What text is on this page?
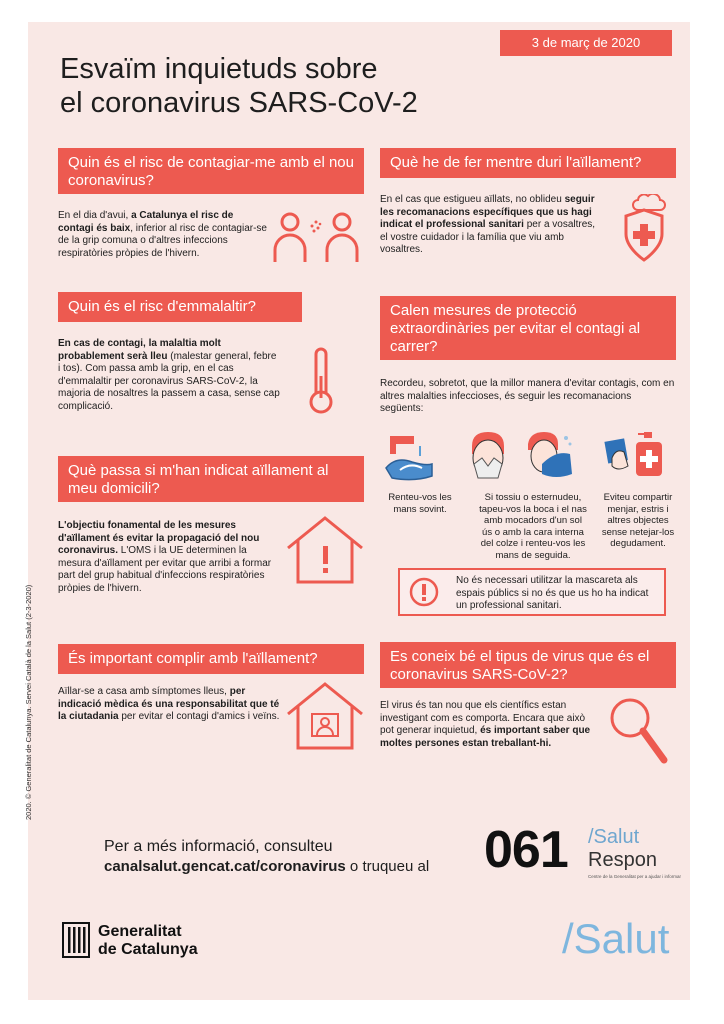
3 de març de 2020
Esvaïm inquietuds sobre
el coronavirus SARS-CoV-2
2020. © Generalitat de Catalunya. Servei Català de la Salut (2-3-2020)
Quin és el risc de contagiar-me amb el nou coronavirus?
En el dia d'avui, a Catalunya el risc de contagi és baix, inferior al risc de contagiar-se de la grip comuna o d'altres infeccions respiratòries pròpies de l'hivern.
Quin és el risc d'emmalaltir?
En cas de contagi, la malaltia molt probablement serà lleu (malestar general, febre i tos). Com passa amb la grip, en el cas d'emmalaltir per coronavirus SARS-CoV-2, la majoria de nosaltres la passem a casa, sense cap complicació.
Què passa si m'han indicat aïllament al meu domicili?
L'objectiu fonamental de les mesures d'aïllament és evitar la propagació del nou coronavirus. L'OMS i la UE determinen la mesura d'aïllament per evitar que arribi a formar part del grup habitual d'infeccions respiratòries pròpies de l'hivern.
És important complir amb l'aïllament?
Aïllar-se a casa amb símptomes lleus, per indicació mèdica és una responsabilitat que té la ciutadania per evitar el contagi d'amics i veïns.
Què he de fer mentre duri l'aïllament?
En el cas que estigueu aïllats, no oblideu seguir les recomanacions específiques que us hagi indicat el professional sanitari per a vosaltres, el vostre cuidador i la família que viu amb vosaltres.
Calen mesures de protecció extraordinàries per evitar el contagi al carrer?
Recordeu, sobretot, que la millor manera d'evitar contagis, com en altres malalties infeccioses, és seguir les recomanacions següents:
Renteu-vos les mans sovint.
Si tossiu o esternudeu, tapeu-vos la boca i el nas amb mocadors d'un sol ús o amb la cara interna del colze i renteu-vos les mans de seguida.
Eviteu compartir menjar, estris i altres objectes sense netejar-los degudament.
No és necessari utilitzar la mascareta als espais públics si no és que us ho ha indicat un professional sanitari.
Es coneix bé el tipus de virus que és el coronavirus SARS-CoV-2?
El virus és tan nou que els científics estan investigant com es comporta. Encara que això pot generar inquietud, és important saber que moltes persones estan treballant-hi.
Per a més informació, consulteu
canalsalut.gencat.cat/coronavirus o truqueu al 061 /Salut
Respon
Centre de la Generalitat per a ajudar i informar
Generalitat
de Catalunya	/Salut
